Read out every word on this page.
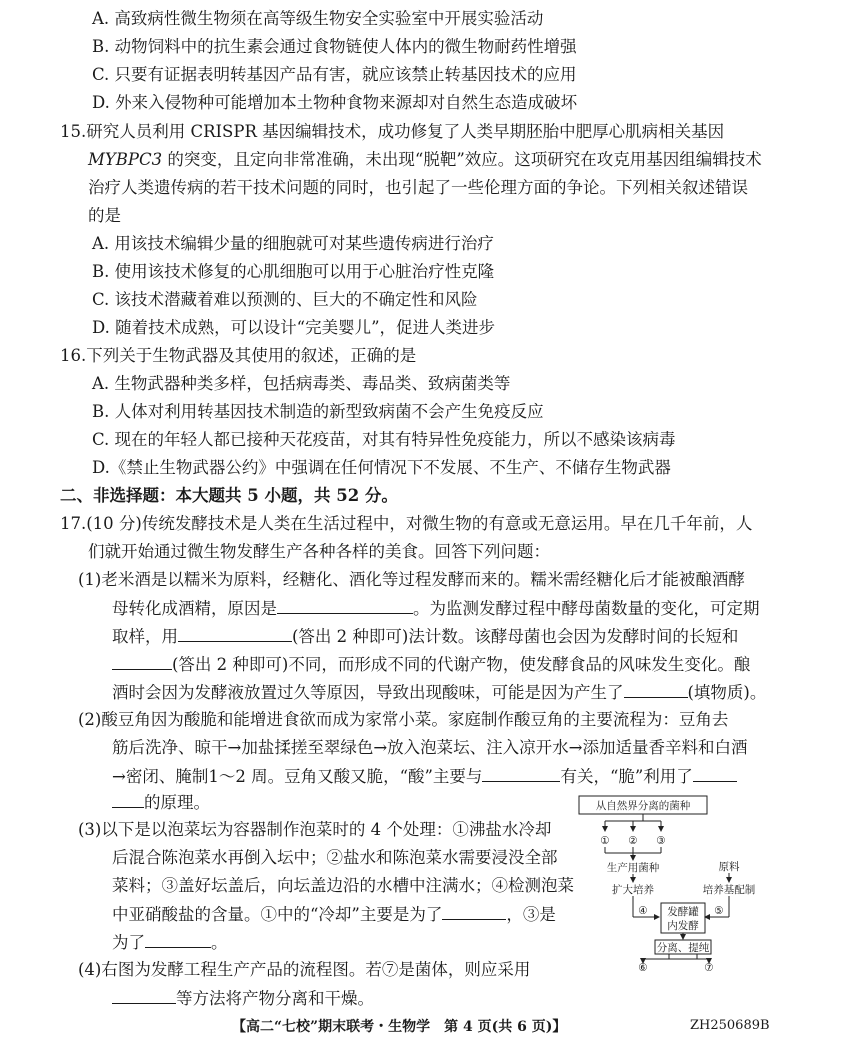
A. 高致病性微生物须在高等级生物安全实验室中开展实验活动
B. 动物饲料中的抗生素会通过食物链使人体内的微生物耐药性增强
C. 只要有证据表明转基因产品有害，就应该禁止转基因技术的应用
D. 外来入侵物种可能增加本土物种食物来源却对自然生态造成破坏
15.研究人员利用 CRISPR 基因编辑技术，成功修复了人类早期胚胎中肥厚心肌病相关基因
MYBPC3 的突变，且定向非常准确，未出现“脱靶”效应。这项研究在攻克用基因组编辑技术
治疗人类遗传病的若干技术问题的同时，也引起了一些伦理方面的争论。下列相关叙述错误
的是
A. 用该技术编辑少量的细胞就可对某些遗传病进行治疗
B. 使用该技术修复的心肌细胞可以用于心脏治疗性克隆
C. 该技术潜藏着难以预测的、巨大的不确定性和风险
D. 随着技术成熟，可以设计“完美婴儿”，促进人类进步
16.下列关于生物武器及其使用的叙述，正确的是
A. 生物武器种类多样，包括病毒类、毒品类、致病菌类等
B. 人体对利用转基因技术制造的新型致病菌不会产生免疫反应
C. 现在的年轻人都已接种天花疫苗，对其有特异性免疫能力，所以不感染该病毒
D.《禁止生物武器公约》中强调在任何情况下不发展、不生产、不储存生物武器
二、非选择题：本大题共 5 小题，共 52 分。
17.(10 分)传统发酵技术是人类在生活过程中，对微生物的有意或无意运用。早在几千年前，人
们就开始通过微生物发酵生产各种各样的美食。回答下列问题：
(1)老米酒是以糯米为原料，经糖化、酒化等过程发酵而来的。糯米需经糖化后才能被酿酒酵
母转化成酒精，原因是	。为监测发酵过程中酵母菌数量的变化，可定期
取样，用	(答出 2 种即可)法计数。该酵母菌也会因为发酵时间的长短和
(答出 2 种即可)不同，而形成不同的代谢产物，使发酵食品的风味发生变化。酿
酒时会因为发酵液放置过久等原因，导致出现酸味，可能是因为产生了	(填物质)。
(2)酸豆角因为酸脆和能增进食欲而成为家常小菜。家庭制作酸豆角的主要流程为：豆角去
筋后洗净、晾干→加盐揉搓至翠绿色→放入泡菜坛、注入凉开水→添加适量香辛料和白酒
→密闭、腌制1～2 周。豆角又酸又脆，“酸”主要与	有关，“脆”利用了
的原理。
(3)以下是以泡菜坛为容器制作泡菜时的 4 个处理：①沸盐水冷却
后混合陈泡菜水再倒入坛中；②盐水和陈泡菜水需要浸没全部
菜料；③盖好坛盖后，向坛盖边沿的水槽中注满水；④检测泡菜
中亚硝酸盐的含量。①中的“冷却”主要是为了	，③是
为了	。
(4)右图为发酵工程生产产品的流程图。若⑦是菌体，则应采用
等方法将产物分离和干燥。
从自然界分离的菌种
① ② ③
生产用菌种	原料
扩大培养	培养基配制
④ 发酵罐
内发酵
⑤
分离、提纯
⑥	⑦
【高二“七校”期末联考・生物学　第 4 页(共 6 页)】	ZH250689B
